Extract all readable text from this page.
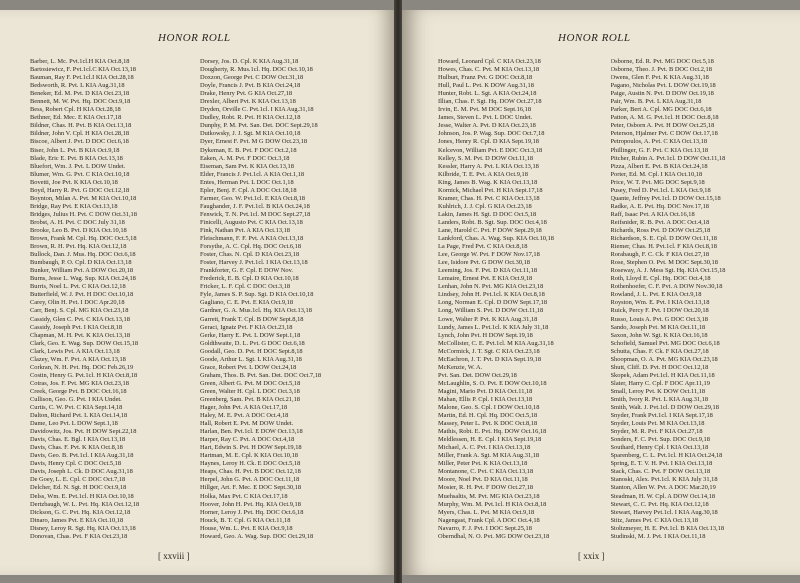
HONOR ROLL
Barber, L. Mc. Pvt.1cl.H KIA Oct.8,18
Bartosiewicz, F. Pvt.1cl.C KIA Oct.13,18
Bauman, Ray F. Pvt.1cl.I KIA Oct.28,18
Bedsworth, R. Pvt. L KIA Aug.31,18
Beneker, Ed. M. Pvt. D KIA Oct.23,18
Bennett, M. W. Pvt. Hq. DOC Oct.9,18
Bess, Robert Cpl. H KIA Oct.28,18
Bethner, Ed. Mec. E KIA Oct.17,18
Bildner, Chas. H. Pvt. B KIA Oct.13,18
Bildner, John V. Cpl. H KIA Oct.28,18
Biscoe, Albert J. Pvt. D DOC Oct.6,18
Biser, John L. Pvt. B KIA Oct.9,18
Blade, Eric E. Pvt. B KIA Oct.13,18
Bluefort, Wm. J. Pvt. L DOW Undet.
Blumer, Wm. G. Pvt. C KIA Oct.10,18
Bovetti, Joe Pvt. K KIA Oct.10,18
Boyd, Harry R. Pvt. G DOC Oct.12,18
Boynton, Milan A. Pvt. M KIA Oct.10,18
Bridge, Ray Pvt. E KIA Oct.13,18
Bridges, Julius H. Pvt. C DOW Oct.31,18
Brobst, A. H. Pvt. C DOC July 31,18
Brooke, Leo B. Pvt. D KIA Oct.10,18
Brown, Frank M. Cpl. Hq. DOC Oct.5,18
Brown, R. H. Pvt. Hq. KIA Oct.12,18
Bullock, Dan. J. Mus. Hq. DOC Oct.6,18
Bumbaugh, P. O. Cpl. D KIA Oct.13,18
Bunker, William Pvt. A DOW Oct.20,18
Burns, Jesse L. Wag. Sup. KIA Oct.24,18
Burris, Noel L. Pvt. C KIA Oct.12,18
Butterfield, W. J. Pvt. H DOC Oct.10,18
Carey, Olin H. Pvt. I DOC Apr.20,18
Carr, Benj. S. Cpl. MG KIA Oct.23,18
Cassidy, Glen C. Pvt. C KIA Oct.13,18
Cassidy, Joseph Pvt. I KIA Oct.8,18
Chapman, M. H. Pvt. K KIA Oct.13,18
Clark, Geo. E. Wag. Sup. DOW Oct.15,18
Clark, Lewis Pvt. A KIA Oct.13,18
Clazey, Wm. F. Pvt. A KIA Oct.13,18
Corkran, N. H. Pvt. Hq. DOC Feb.26,19
Costin, Henry G. Pvt.1cl. H KIA Oct.8,18
Cotras, Jos. F. Pvt. MG KIA Oct.23,18
Creek, George Pvt. B DOC Oct.16,18
Cullison, Geo. G. Pvt. I KIA Undet.
Curtis, C. W. Pvt. C KIA Sept.14,18
Dalton, Richard Pvt. L KIA Oct.14,18
Dame, Leo Pvt. L DOW Sept.1,18
Davidowitz, Jos. Pvt. H DOW Sept.22,18
Davis, Chas. E. Bgl. I KIA Oct.13,18
Davis, Chas. F. Pvt. K KIA Oct.8,18
Davis, Geo. B. Pvt.1cl. I KIA Aug.31,18
Davis, Henry Cpl. C DOC Oct.5,18
Davis, Joseph L. Ck. D DOC Aug.31,18
De Goey, L. E. Cpl. C DOC Oct.7,18
Delcher, Ed. N. Sgt. H DOC Oct.9,18
Delss, Wm. E. Pvt.1cl. H KIA Oct.10,18
Dertzbaugh, W. L. Pvt. Hq. KIA Oct.12,18
Dickson, G. C. Pvt. Hq. KIA Oct.12,18
Dinaro, James Pvt. E KIA Oct.10,18
Disney, Leroy R. Sgt. Hq. KIA Oct.13,18
Donovan, Chas. Pvt. F KIA Oct.23,18
Dorsey, Jos. D. Cpl. K KIA Aug.31,18
Dougherty, R. Mus.1cl. Hq. DOC Oct.10,18
Doxzon, George Pvt. C DOW Oct.31,18
Doyle, Francis J. Pvt. B KIA Oct.24,18
Drake, Henry Pvt. G KIA Oct.27,18
Drexler, Albert Pvt. K KIA Oct.13,18
Dryden, Orville C. Pvt.1cl. I KIA Aug.31,18
Dudley, Robt. R. Pvt. H KIA Oct.12,18
Dunphy, P. M. Pvt. San. Det. DOC Sept.29,18
Dutkowsky, J. J. Sgt. M KIA Oct.10,18
Dyer, Ernest F. Pvt. M G DOW Oct.23,18
Dykeman, E. B. Pvt. F DOC Oct.2,18
Eaken, A. M. Pvt. F DOC Oct.3,18
Eiseman, Sam Pvt. K KIA Oct.13,18
Elder, Francis J. Pvt.1cl. A KIA Oct.1,18
Entes, Herman Pvt. L DOC Oct.1,18
Epler, Benj. F. Cpl. A DOC Oct.18,18
Farmer, Geo. W. Pvt.1cl. E KIA Oct.8,18
Faughander, J. F. Pvt.1cl. B KIA Oct.24,18
Fenwick, T. N. Pvt.1cl. M DOC Sept.27,18
Finicelli, Augusto Pvt. C KIA Oct.13,18
Fink, Nathan Pvt. A KIA Oct.13,18
Fleischmann, F. F. Pvt. A KIA Oct.13,18
Forsythe, A. C. Cpl. Hq. DOC Oct.6,18
Foster, Chas. N. Cpl. D KIA Oct.23,18
Foster, Harvey J. Pvt.1cl. I KIA Oct.13,18
Frankforter, G. F. Cpl. E DOW Nov.
Frederick, E. B. Cpl. D KIA Oct.10,18
Fricker, L. F. Cpl. C DOC Oct.3,18
Fyle, James S. P. Sup. Sgt. D KIA Oct.10,18
Gagliano, C. E. Pvt. E KIA Oct.9,18
Gardner, G. A. Mus.1cl. Hq. KIA Oct.13,18
Garrett, Frank T. Cpl. B DOW Sept.8,18
Geraci, Ignatz Pvt. F KIA Oct.23,18
Gerke, Harry E. Pvt. L DOW Sept.1,18
Goldthwaite, D. L. Pvt. G DOC Oct.6,18
Goodall, Geo. D. Pvt. H DOC Sept.8,18
Goode, Arthur L. Sgt. L KIA Aug.31,18
Grace, Robert Pvt. L DOW Oct.24,18
Graham, Thos. B. Pvt. San. Det. DOC Oct.7,18
Green, Albert G. Pvt. M DOC Oct.5,18
Green, Walter H. Cpl. L DOC Oct.3,18
Greenberg, Sam. Pvt. B KIA Oct.21,18
Hager, John Pvt. A KIA Oct.17,18
Haley, M. E. Pvt. A DOC Oct.4,18
Hall, Robert E. Pvt. M DOW Undet.
Harlan, Ben. Pvt.1cl. E DOW Oct.13,18
Harper, Ray C. Pvt. A DOC Oct.4,18
Hart, Edwin S. Pvt. H DOW Sept.19,18
Hartman, M. E. Cpl. K KIA Oct.10,18
Haynes, Leroy H. Ck. E DOC Oct.5,18
Heaps, Chas. H. Pvt. B DOC Oct.12,18
Herpel, John G. Pvt. A DOC Oct.11,18
Hillger, Art. F. Mec. E DOC Sept.30,18
Holka, Max Pvt. C KIA Oct.17,18
Hoover, John H. Pvt. Hq. KIA Oct.9,18
Horner, Leroy J. Pvt. Hq. DOC Oct.6,18
Houck, B. T. Cpl. G KIA Oct.11,18
House, Wm. L. Pvt. E KIA Oct.9,18
Howard, Geo. A. Wag. Sup. DOC Oct.29,18
[ xxviii ]
HONOR ROLL
Howard, Leonard Cpl. C KIA Oct.23,18
Howes, Chas. C. Pvt. M KIA Oct.13,18
Hulburt, Franz Pvt. G DOC Oct.8,18
Hull, Paul L. Pvt. K DOW Aug.31,18
Hunter, Robt. L. Sgt. A KIA Oct.24,18
Illian, Chas. F. Sgt. Hq. DOW Oct.27,18
Irvin, E. M. Pvt. M DOC Sept.16,18
James, Steven L. Pvt. L DOC Undet.
Jesse, Walter A. Pvt. D KIA Oct.23,18
Johnson, Jos. P. Wag. Sup. DOC Oct.7,18
Jones, Henry R. Cpl. D KIA Sept.19,18
Kelcevon, William Pvt. E DOC Oct.3,18
Kelley, S. M. Pvt. D DOW Oct.11,18
Kessler, Harry A. Pvt. L KIA Oct.13,18
Kilbride, T. E. Pvt. A KIA Oct.9,18
King, James B. Wag. K KIA Oct.13,18
Kornick, Michael Pvt. H KIA Sept.17,18
Kramer, Chas. H. Pvt. C KIA Oct.13,18
Kuhlrich, J. J. Cpl. G KIA Oct.23,18
Lakin, James H. Sgt. D DOC Oct.5,18
Landers, Robt. B. Sgt. Sup. DOC Oct.4,18
Lane, Harold C. Pvt. F DOW Sept.29,18
Lankford, Chas. A. Wag. Sup. KIA Oct.10,18
La Page, Fred Pvt. C KIA Oct.8,18
Lee, George W. Pvt. F DOW Nov.17,18
Lee, Isidore Pvt. G DOW Oct.30,18
Leeming, Jos. F. Pvt. D KIA Oct.11,18
Lemaire, Ernest Pvt. E KIA Oct.9,18
Lenhan, John N. Pvt. MG KIA Oct.23,18
Lindsey, John H. Pvt.1cl. K KIA Oct.8,18
Long, Norman E. Cpl. D DOW Sept.17,18
Long, William S. Pvt. D DOW Oct.11,18
Lowe, Walter P. Pvt. K KIA Aug.31,18
Lundy, James L. Pvt.1cl. K KIA July 31,18
Lynch, John Pvt. H DOW Sept.19,18
McCollister, C. E. Pvt.1cl. M KIA Aug.31,18
McCormick, J. T. Sgt. C KIA Oct.23,18
McEachron, J. T. Pvt. D KIA Sept.19,18
McKenzie, W. A.
Pvt. San. Det. DOW Oct.29,18
McLaughlin, S. O. Pvt. E DOW Oct.10,18
Magini, Mario Pvt. D KIA Oct.11,18
Mahan, Ellis P. Cpl. I KIA Oct.13,18
Malone, Geo. S. Cpl. I DOW Oct.10,18
Martin, Ed. H. Cpl. Hq. DOC Oct.5,18
Massey, Peter L. Pvt. K DOC Oct.8,18
Mathis, Robt. E. Pvt. Hq. DOW Oct.16,18
Meldlessen, H. E. Cpl. I KIA Sept.19,18
Michael, A. C. Pvt. I KIA Oct.13,18
Miller, Frank A. Sgt. M KIA Aug.31,18
Miller, Peter Pvt. K KIA Oct.13,18
Montanone, C. Pvt. C KIA Oct.13,18
Moore, Noel Pvt. D KIA Oct.11,18
Mosier, R. H. Pvt. F DOW Oct.27,18
Muehsaltis, M. Pvt. MG KIA Oct.23,18
Murphy, Wm. M. Pvt.1cl. H KIA Oct.8,18
Myers, Chas. L. Pvt. M KIA Oct.9,18
Nagengast, Frank Cpl. A DOC Oct.4,18
Navarro, F. J. Pvt. I DOC Sept.25,18
Oberndhal, N. O. Pvt. MG DOW Oct.23,18
Osborne, Ed. R. Pvt. MG DOC Oct.5,18
Osborne, Theo. J. Pvt. B DOC Oct.2,18
Owens, Glen F. Pvt. K KIA Aug.31,18
Pagano, Nicholas Pvt. L DOW Oct.19,18
Paige, Austin N. Pvt. D DOW Oct.19,18
Pair, Wm. B. Pvt. L KIA Aug.31,18
Parker, Bert A. Cpl. MG DOC Oct.6,18
Patton, A. M. G. Pvt.1cl. H DOC Oct.8,18
Peter, Osborn A. Pvt. H DOW Oct.25,18
Peterson, Hjalmer Pvt. C DOW Oct.17,18
Petropoulos, A. Pvt. C KIA Oct.13,18
Phillinger, G. F. Pvt. C KIA Oct.13,18
Pitcher, Rubin A. Pvt.1cl. D DOW Oct.11,18
Pizza, Albert E. Pvt. B KIA Oct.24,18
Porter, Ed. M. Cpl. I KIA Oct.10,18
Price, W. T. Pvt. MG DOC Sept.9,18
Pusey, Fred D. Pvt.1cl. L KIA Oct.9,18
Quante, Jeffrey Pvt.1cl. D DOW Oct.15,18
Radke, A. E. Pvt. Hq. DOC Nov.17,18
Raff, Isaac Pvt. A KIA Oct.16,18
Reifsnider, R. B. Pvt. A DOC Oct.4,18
Richards, Ross Pvt. D DOW Oct.25,18
Richardson, S. E. Cpl. D DOW Oct.11,18
Riemer, Chas. H. Pvt.1cl. F KIA Oct.8,18
Rorabaugh, F. C. Ck. F KIA Oct.27,18
Rose, Stephen O. Pvt. M DOC Sept.30,18
Roseway, A. J. Mess Sgt. Hq. KIA Oct.15,18
Roth, Lloyd E. Cpl. Hq. DOC Oct.4,18
Rothenhoefer, C. F. Pvt. A DOW Nov.30,18
Rowland, J. L. Pvt. E KIA Oct.9,18
Royston, Wm. E. Pvt. I KIA Oct.13,18
Ruick, Percy F. Pvt. I DOW Oct.20,18
Russo, Louis A. Pvt. G DOC Oct.3,18
Sando, Joseph Pvt. M KIA Oct.11,18
Saxon, John W. Sgt. K KIA Oct.16,18
Schofield, Samuel Pvt. MG DOC Oct.6,18
Schutta, Chas. F. Ck. F KIA Oct.27,18
Shoopman, O. A. Pvt. MG KIA Oct.23,18
Shutt, Cliff. D. Pvt. H DOC Oct.12,18
Skopek, Adam Pvt.1cl. H KIA Oct.11,18
Slater, Harry C. Cpl. F DOC Apr.11,19
Small, Leroy Pvt. K DOW Oct.11,18
Smith, Ivory R. Pvt. L KIA Aug.31,18
Smith, Walt. J. Pvt.1cl. D DOW Oct.29,18
Snyder, Frank Pvt.1cl. I KIA Sept.17,18
Snyder, Louis Pvt. M KIA Oct.13,18
Snyder, M. R. Pvt. F KIA Oct.27,18
Sonders, F. C. Pvt. Sup. DOC Oct.9,18
Southard, Henry Cpl. I KIA Oct.13,18
Sparenberg, C. L. Pvt.1cl. H KIA Oct.24,18
Spring, E. T. V. H. Pvt. I KIA Oct.13,18
Stack, Chas. C. Pvt. F DOW Oct.13,18
Stanoski, Alex. Pvt.1cl. K KIA July 31,18
Stanton, Allen W. Pvt. A DOC Mar.20,19
Steadman, H. W. Cpl. A DOW Oct.14,18
Stewart, C. C. Pvt. Hq. KIA Oct.12,18
Stewart, Harvey Pvt.1cl. I KIA Aug.30,18
Stitz, James Pvt. C KIA Oct.13,18
Stoltzmeyer, H. E. Pvt.1cl. B KIA Oct.13,18
Studinski, M. J. Pvt. I KIA Oct.11,18
[ xxix ]
